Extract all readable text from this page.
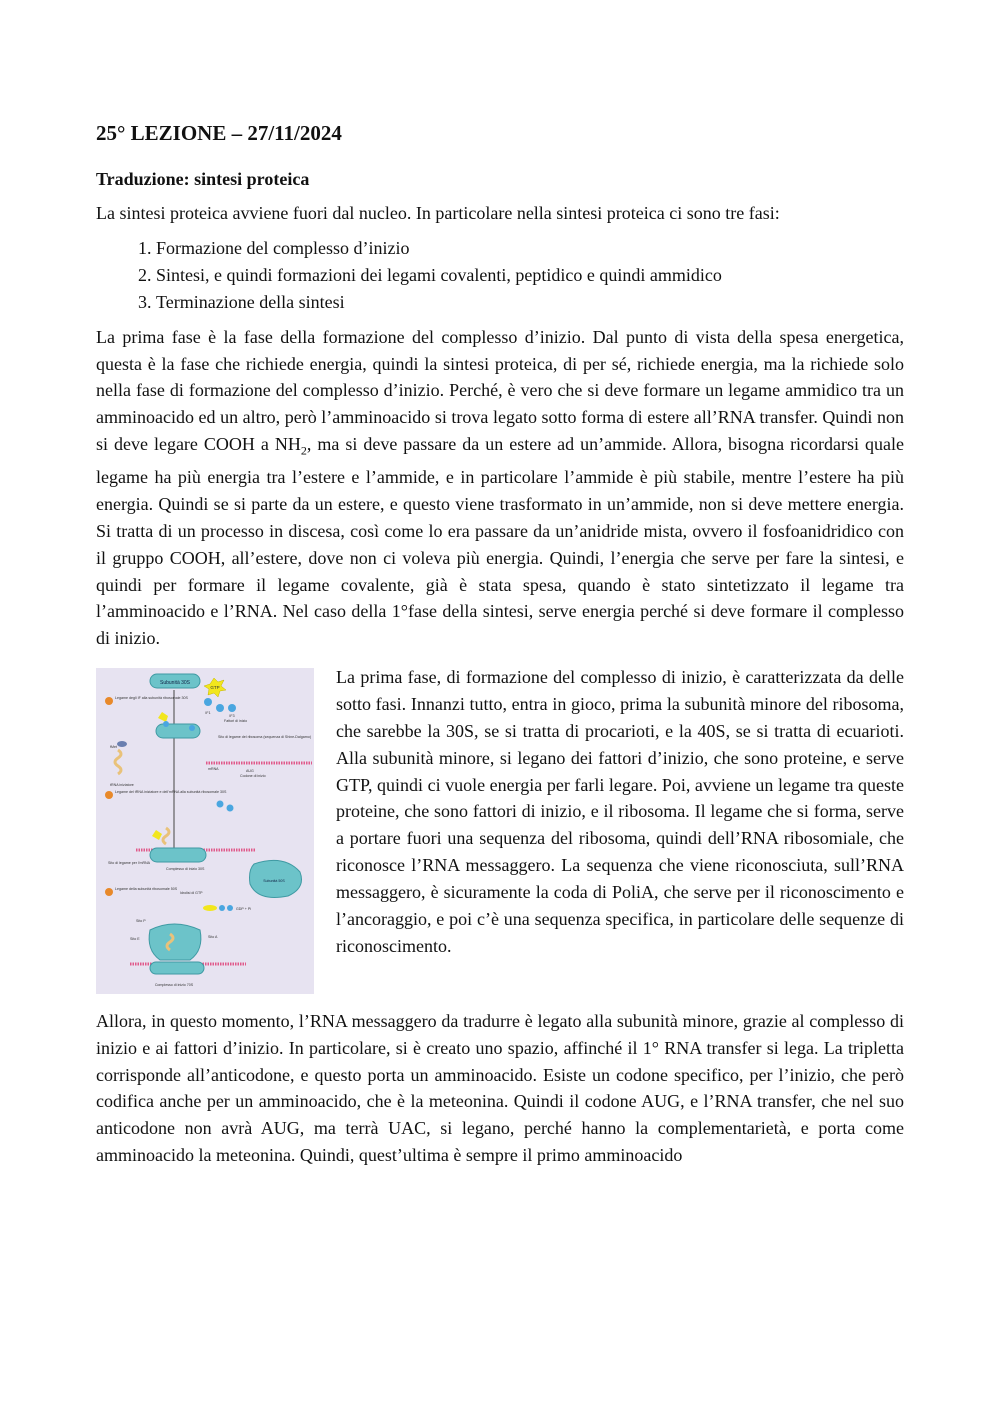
25° LEZIONE – 27/11/2024
Traduzione: sintesi proteica

La sintesi proteica avviene fuori dal nucleo. In particolare nella sintesi proteica ci sono tre fasi:

1. Formazione del complesso d’inizio
2. Sintesi, e quindi formazioni dei legami covalenti, peptidico e quindi ammidico
3. Terminazione della sintesi

La prima fase è la fase della formazione del complesso d’inizio. Dal punto di vista della spesa energetica, questa è la fase che richiede energia, quindi la sintesi proteica, di per sé, richiede energia, ma la richiede solo nella fase di formazione del complesso d’inizio. Perché, è vero che si deve formare un legame ammidico tra un amminoacido ed un altro, però l’amminoacido si trova legato sotto forma di estere all’RNA transfer. Quindi non si deve legare COOH a $NH_2$, ma si deve passare da un estere ad un’ammide. Allora, bisogna ricordarsi quale legame ha più energia tra l’estere e l’ammide, e in particolare l’ammide è più stabile, mentre l’estere ha più energia. Quindi se si parte da un estere, e questo viene trasformato in un’ammide, non si deve mettere energia. Si tratta di un processo in discesa, così come lo era passare da un’anidride mista, ovvero il fosfoanidridico con il gruppo COOH, all’estere, dove non ci voleva più energia. Quindi, l’energia che serve per fare la sintesi, e quindi per formare il legame covalente, già è stata spesa, quando è stato sintetizzato il legame tra l’amminoacido e l’RNA. Nel caso della 1°fase della sintesi, serve energia perché si deve formare il complesso di inizio.

Subunità 30S
GTP
IF1
IF3
Fattori di inizio
Legame degli IF alla subunità ribosomale 30S
Sito di legame del ribosoma (sequenza di Shine-Dalgarno)
fMet
tRNA iniziatore
mRNA	AUG
Codone di inizio
Legame del tRNA iniziatore e dell'mRNA alla subunità ribosomale 30S
Sito di legame per l'mRNA
Complesso di inizio 30S
Subunità 50S
Legame della subunità ribosomale 50S
Idrolisi di GTP
GDP + Pi
Sito P
Sito E	Sito A
Complesso di inizio 70S

La prima fase, di formazione del complesso di inizio, è caratterizzata da delle sotto fasi. Innanzi tutto, entra in gioco, prima la subunità minore del ribosoma, che sarebbe la 30S, se si tratta di procarioti, e la 40S, se si tratta di ecuarioti. Alla subunità minore, si legano dei fattori d’inizio, che sono proteine, e serve GTP, quindi ci vuole energia per farli legare. Poi, avviene un legame tra queste proteine, che sono fattori di inizio, e il ribosoma. Il legame che si forma, serve a portare fuori una sequenza del ribosoma, quindi dell’RNA ribosomiale, che riconosce l’RNA messaggero. La sequenza che viene riconosciuta, sull’RNA messaggero, è sicuramente la coda di PoliA, che serve per il riconoscimento e l’ancoraggio, e poi c’è una sequenza specifica, in particolare delle sequenze di riconoscimento.

Allora, in questo momento, l’RNA messaggero da tradurre è legato alla subunità minore, grazie al complesso di inizio e ai fattori d’inizio. In particolare, si è creato uno spazio, affinché il 1° RNA transfer si lega. La tripletta corrisponde all’anticodone, e questo porta un amminoacido. Esiste un codone specifico, per l’inizio, che però codifica anche per un amminoacido, che è la meteonina. Quindi il codone AUG, e l’RNA transfer, che nel suo anticodone non avrà AUG, ma terrà UAC, si legano, perché hanno la complementarietà, e porta come amminoacido la meteonina. Quindi, quest’ultima è sempre il primo amminoacido
